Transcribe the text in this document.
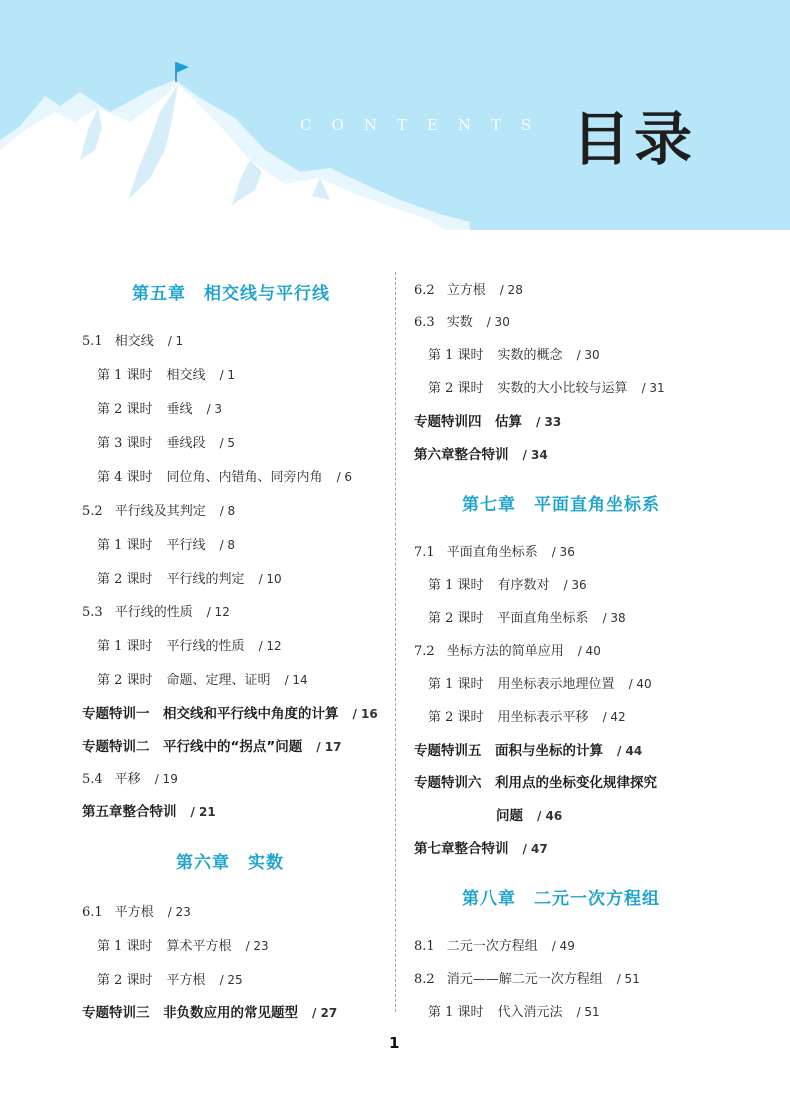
CONTENTS 目录
第五章 相交线与平行线
5.1 相交线 / 1
第 1 课时 相交线 / 1
第 2 课时 垂线 / 3
第 3 课时 垂线段 / 5
第 4 课时 同位角、内错角、同旁内角 / 6
5.2 平行线及其判定 / 8
第 1 课时 平行线 / 8
第 2 课时 平行线的判定 / 10
5.3 平行线的性质 / 12
第 1 课时 平行线的性质 / 12
第 2 课时 命题、定理、证明 / 14
专题特训一　相交线和平行线中角度的计算 / 16
专题特训二　平行线中的“拐点”问题 / 17
5.4 平移 / 19
第五章整合特训 / 21
第六章 实数
6.1 平方根 / 23
第 1 课时 算术平方根 / 23
第 2 课时 平方根 / 25
专题特训三　非负数应用的常见题型 / 27
6.2 立方根 / 28
6.3 实数 / 30
第 1 课时 实数的概念 / 30
第 2 课时 实数的大小比较与运算 / 31
专题特训四　估算 / 33
第六章整合特训 / 34
第七章 平面直角坐标系
7.1 平面直角坐标系 / 36
第 1 课时 有序数对 / 36
第 2 课时 平面直角坐标系 / 38
7.2 坐标方法的简单应用 / 40
第 1 课时 用坐标表示地理位置 / 40
第 2 课时 用坐标表示平移 / 42
专题特训五　面积与坐标的计算 / 44
专题特训六　利用点的坐标变化规律探究
问题 / 46
第七章整合特训 / 47
第八章 二元一次方程组
8.1 二元一次方程组 / 49
8.2 消元——解二元一次方程组 / 51
第 1 课时 代入消元法 / 51
1
